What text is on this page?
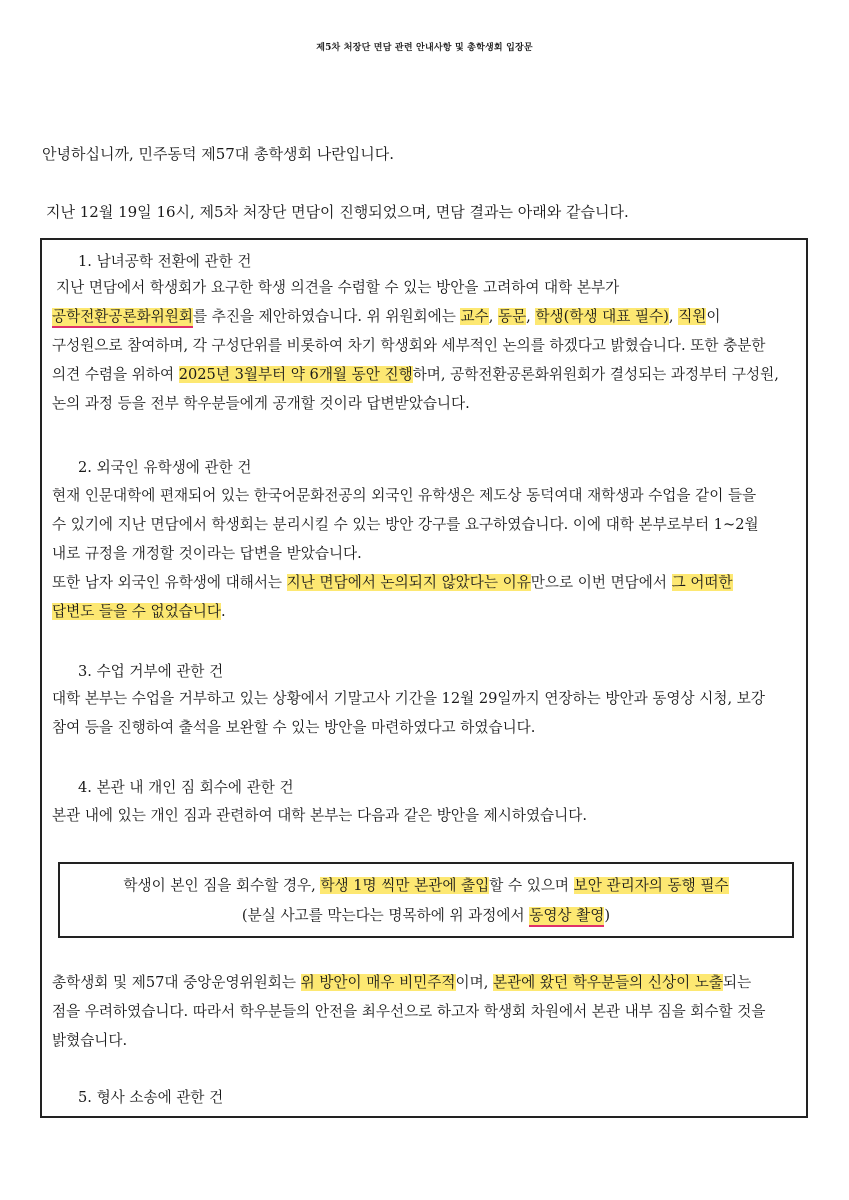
제5차 처장단 면담 관련 안내사항 및 총학생회 입장문
안녕하십니까, 민주동덕 제57대 총학생회 나란입니다.
지난 12월 19일 16시, 제5차 처장단 면담이 진행되었으며, 면담 결과는 아래와 같습니다.
1. 남녀공학 전환에 관한 건
지난 면담에서 학생회가 요구한 학생 의견을 수렴할 수 있는 방안을 고려하여 대학 본부가
공학전환공론화위원회를 추진을 제안하였습니다. 위 위원회에는 교수, 동문, 학생(학생 대표 필수), 직원이
구성원으로 참여하며, 각 구성단위를 비롯하여 차기 학생회와 세부적인 논의를 하겠다고 밝혔습니다. 또한 충분한
의견 수렴을 위하여 2025년 3월부터 약 6개월 동안 진행하며, 공학전환공론화위원회가 결성되는 과정부터 구성원,
논의 과정 등을 전부 학우분들에게 공개할 것이라 답변받았습니다.
2. 외국인 유학생에 관한 건
현재 인문대학에 편재되어 있는 한국어문화전공의 외국인 유학생은 제도상 동덕여대 재학생과 수업을 같이 들을
수 있기에 지난 면담에서 학생회는 분리시킬 수 있는 방안 강구를 요구하였습니다. 이에 대학 본부로부터 1~2월
내로 규정을 개정할 것이라는 답변을 받았습니다.
또한 남자 외국인 유학생에 대해서는 지난 면담에서 논의되지 않았다는 이유만으로 이번 면담에서 그 어떠한
답변도 들을 수 없었습니다.
3. 수업 거부에 관한 건
대학 본부는 수업을 거부하고 있는 상황에서 기말고사 기간을 12월 29일까지 연장하는 방안과 동영상 시청, 보강
참여 등을 진행하여 출석을 보완할 수 있는 방안을 마련하였다고 하였습니다.
4. 본관 내 개인 짐 회수에 관한 건
본관 내에 있는 개인 짐과 관련하여 대학 본부는 다음과 같은 방안을 제시하였습니다.
학생이 본인 짐을 회수할 경우, 학생 1명 씩만 본관에 출입할 수 있으며 보안 관리자의 동행 필수
(분실 사고를 막는다는 명목하에 위 과정에서 동영상 촬영)
총학생회 및 제57대 중앙운영위원회는 위 방안이 매우 비민주적이며, 본관에 왔던 학우분들의 신상이 노출되는
점을 우려하였습니다. 따라서 학우분들의 안전을 최우선으로 하고자 학생회 차원에서 본관 내부 짐을 회수할 것을
밝혔습니다.
5. 형사 소송에 관한 건
